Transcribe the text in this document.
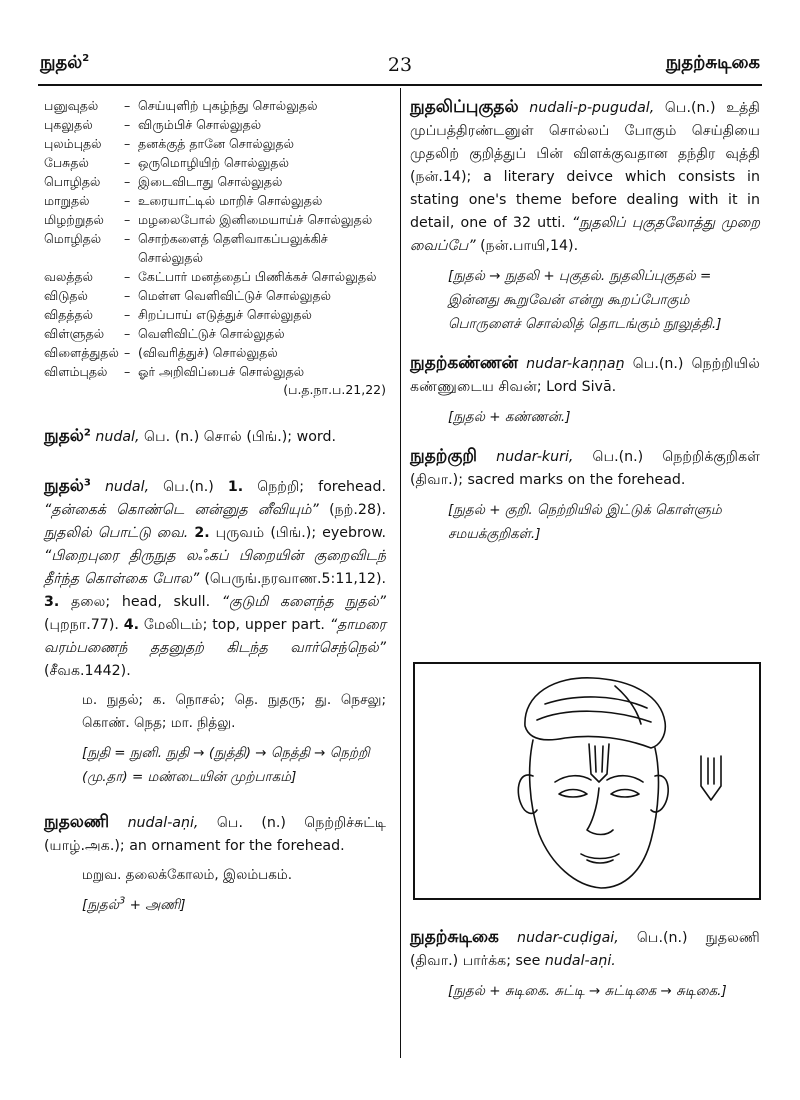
நுதல்$^2$	23	நுதற்சுடிகை
பனுவுதல்	– செய்யுளிற் புகழ்ந்து சொல்லுதல்
புகலுதல்	– விரும்பிச் சொல்லுதல்
புலம்புதல்	– தனக்குத் தானே சொல்லுதல்
பேசுதல்	– ஒருமொழியிற் சொல்லுதல்
பொழிதல்	– இடைவிடாது சொல்லுதல்
மாறுதல்	– உரையாட்டில் மாறிச் சொல்லுதல்
மிழற்றுதல்	– மழலைபோல் இனிமையாய்ச் சொல்லுதல்
மொழிதல்	– சொற்களைத் தெளிவாகப்பலுக்கிச் சொல்லுதல்
வலத்தல்	– கேட்பார் மனத்தைப் பிணிக்கச் சொல்லுதல்
விடுதல்	– மெள்ள வெளிவிட்டுச் சொல்லுதல்
விதத்தல்	– சிறப்பாய் எடுத்துச் சொல்லுதல்
விள்ளுதல்	– வெளிவிட்டுச் சொல்லுதல்
விளைத்துதல் – (விவரித்துச்) சொல்லுதல்
விளம்புதல்	– ஓர் அறிவிப்பைச் சொல்லுதல்
(ப.த.நா.ப.21,22)
நுதல்$^2$ nudal, பெ. (n.) சொல் (பிங்.); word.
நுதல்$^3$ nudal, பெ.(n.) 1. நெற்றி; forehead. “தன்கைக் கொண்டெ னன்னுத னீவியும்” (நற்.28). நுதலில் பொட்டு வை. 2. புருவம் (பிங்.); eyebrow. “பிறைபுரை திருநுத லஃகப் பிறையின் குறைவிடந் தீர்ந்த கொள்கை போல” (பெருங்.நரவாண.5:11,12). 3. தலை; head, skull. “குடுமி களைந்த நுதல்” (புறநா.77). 4. மேலிடம்; top, upper part. “தாமரை வரம்பணைந் ததனுதற் கிடந்த வார்செந்நெல்” (சீவக.1442).
ம. நுதல்; க. நொசல்; தெ. நுதரு; து. நெசலு; கொண். நெத; மா. நித்லு.
[நுதி = நுனி. நுதி → (நுத்தி) → நெத்தி → நெற்றி (மு.தா) = மண்டையின் முற்பாகம்]
நுதலணி nudal-aṇi, பெ. (n.) நெற்றிச்சுட்டி (யாழ்.அக.); an ornament for the forehead.
மறுவ. தலைக்கோலம், இலம்பகம்.
[நுதல்$^3$ + அணி]
நுதலிப்புகுதல் nudali-p-pugudal, பெ.(n.) உத்தி முப்பத்திரண்டனுள் சொல்லப் போகும் செய்தியை முதலிற் குறித்துப் பின் விளக்குவதான தந்திர வுத்தி (நன்.14); a literary deivce which consists in stating one's theme before dealing with it in detail, one of 32 utti. “நுதலிப் புகுதலோத்து முறை வைப்பே” (நன்.பாயி,14).
[நுதல் → நுதலி + புகுதல். நுதலிப்புகுதல் = இன்னது கூறுவேன் என்று கூறப்போகும் பொருளைச் சொல்லித் தொடங்கும் நூலுத்தி.]
நுதற்கண்ணன் nudar-kaṇṇaṉ பெ.(n.) நெற்றியில் கண்ணுடைய சிவன்; Lord Sivā.
[நுதல் + கண்ணன்.]
நுதற்குறி nudar-kuri, பெ.(n.) நெற்றிக்குறிகள் (திவா.); sacred marks on the forehead.
[நுதல் + குறி. நெற்றியில் இட்டுக் கொள்ளும் சமயக்குறிகள்.]
நுதற்சுடிகை nudar-cuḍigai, பெ.(n.) நுதலணி (திவா.) பார்க்க; see nudal-aṇi.
[நுதல் + சுடிகை. சுட்டி → சுட்டிகை → சுடிகை.]
